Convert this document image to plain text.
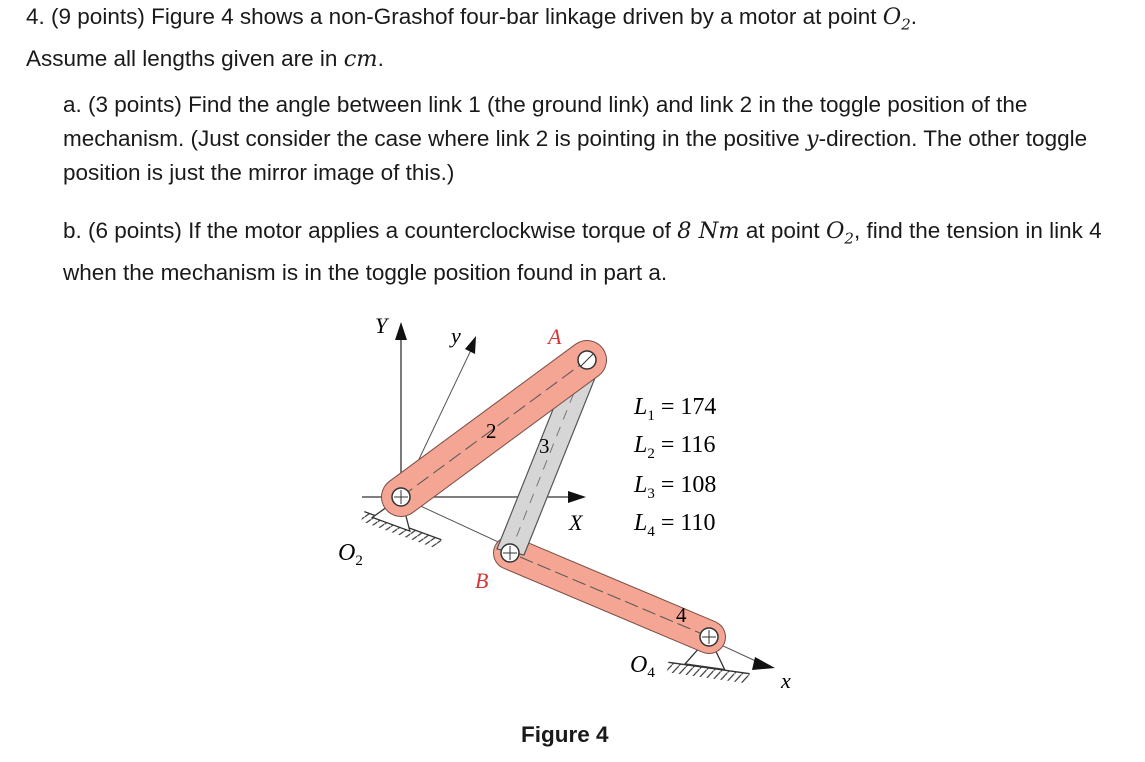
4. (9 points) Figure 4 shows a non-Grashof four-bar linkage driven by a motor at point $O_2$.
Assume all lengths given are in cm.

a. (3 points) Find the angle between link 1 (the ground link) and link 2 in the toggle position of the mechanism. (Just consider the case where link 2 is pointing in the positive y-direction. The other toggle position is just the mirror image of this.)

b. (6 points) If the motor applies a counterclockwise torque of 8 Nm at point $O_2$, find the tension in link 4 when the mechanism is in the toggle position found in part a.

Y	y	A
X
B
x
2
3
4
$O_2$
$O_4$
$L_1 = 174$
$L_2 = 116$
$L_3 = 108$
$L_4 = 110$
Figure 4
